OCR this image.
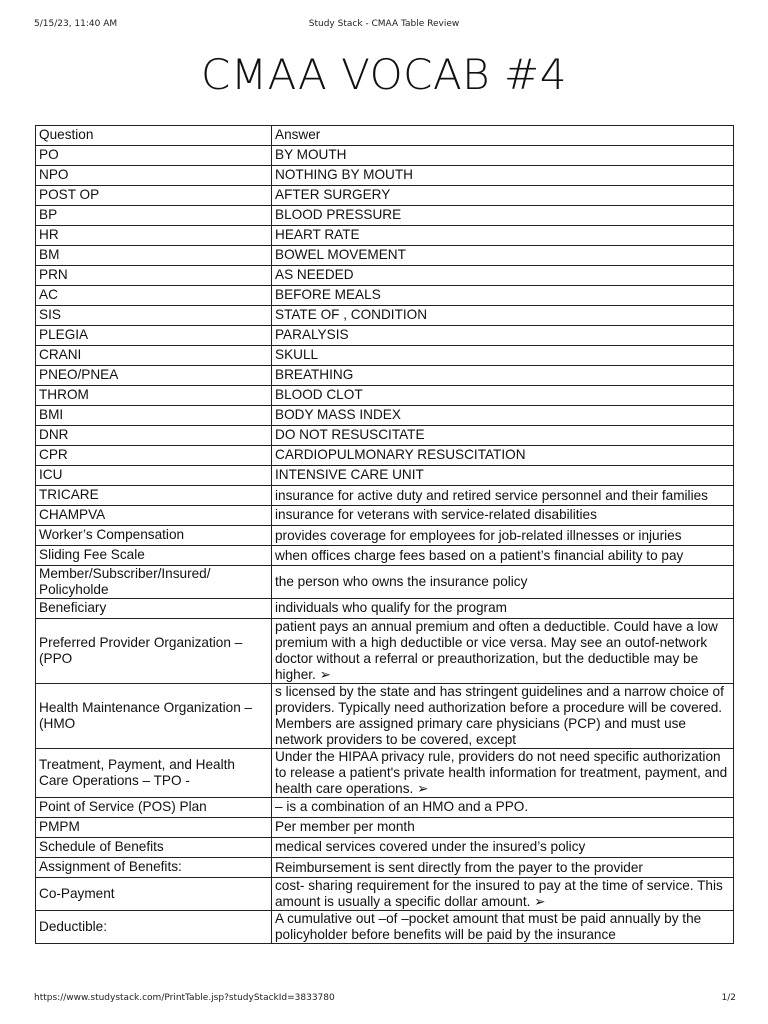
5/15/23, 11:40 AM	Study Stack - CMAA Table Review
CMAA VOCAB #4
Question	Answer
PO	BY MOUTH
NPO	NOTHING BY MOUTH
POST OP	AFTER SURGERY
BP	BLOOD PRESSURE
HR	HEART RATE
BM	BOWEL MOVEMENT
PRN	AS NEEDED
AC	BEFORE MEALS
SIS	STATE OF , CONDITION
PLEGIA	PARALYSIS
CRANI	SKULL
PNEO/PNEA	BREATHING
THROM	BLOOD CLOT
BMI	BODY MASS INDEX
DNR	DO NOT RESUSCITATE
CPR	CARDIOPULMONARY RESUSCITATION
ICU	INTENSIVE CARE UNIT
TRICARE	insurance for active duty and retired service personnel and their families
CHAMPVA	insurance for veterans with service-related disabilities
Worker’s Compensation	provides coverage for employees for job-related illnesses or injuries
Sliding Fee Scale	when offices charge fees based on a patient’s financial ability to pay
Member/Subscriber/Insured/ Policyholde	the person who owns the insurance policy
Beneficiary	individuals who qualify for the program
Preferred Provider Organization – (PPO	patient pays an annual premium and often a deductible. Could have a low premium with a high deductible or vice versa. May see an outof-network doctor without a referral or preauthorization, but the deductible may be higher. ➢
Health Maintenance Organization – (HMO	s licensed by the state and has stringent guidelines and a narrow choice of providers. Typically need authorization before a procedure will be covered. Members are assigned primary care physicians (PCP) and must use network providers to be covered, except
Treatment, Payment, and Health Care Operations – TPO -	Under the HIPAA privacy rule, providers do not need specific authorization to release a patient's private health information for treatment, payment, and health care operations. ➢
Point of Service (POS) Plan	– is a combination of an HMO and a PPO.
PMPM	Per member per month
Schedule of Benefits	medical services covered under the insured’s policy
Assignment of Benefits:	Reimbursement is sent directly from the payer to the provider
Co-Payment	cost- sharing requirement for the insured to pay at the time of service. This amount is usually a specific dollar amount. ➢
Deductible:	A cumulative out –of –pocket amount that must be paid annually by the policyholder before benefits will be paid by the insurance
https://www.studystack.com/PrintTable.jsp?studyStackId=3833780	1/2
